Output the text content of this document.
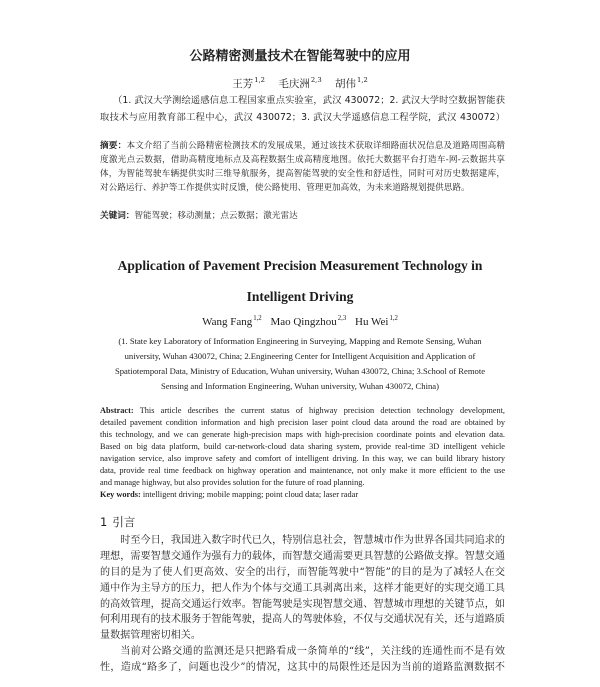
公路精密测量技术在智能驾驶中的应用
王芳$^{1,2}$ 毛庆洲$^{2,3}$ 胡伟$^{1,2}$
（1. 武汉大学测绘遥感信息工程国家重点实验室，武汉 430072；2. 武汉大学时空数据智能获
取技术与应用教育部工程中心，武汉 430072；3. 武汉大学遥感信息工程学院，武汉 430072）
摘要：本文介绍了当前公路精密检测技术的发展成果，通过该技术获取详细路面状况信息及道路周围高精
度激光点云数据，借助高精度地标点及高程数据生成高精度地图。依托大数据平台打造车-网-云数据共享
体，为智能驾驶车辆提供实时三维导航服务，提高智能驾驶的安全性和舒适性，同时可对历史数据建库，
对公路运行、养护等工作提供实时反馈，使公路使用、管理更加高效，为未来道路规划提供思路。
关键词：智能驾驶；移动测量；点云数据；激光雷达
Application of Pavement Precision Measurement Technology in
Intelligent Driving
Wang Fang$^{1,2}$ Mao Qingzhou$^{2,3}$ Hu Wei$^{1,2}$
(1. State key Laboratory of Information Engineering in Surveying, Mapping and Remote Sensing, Wuhan
university, Wuhan 430072, China; 2.Engineering Center for Intelligent Acquisition and Application of
Spatiotemporal Data, Ministry of Education, Wuhan university, Wuhan 430072, China; 3.School of Remote
Sensing and Information Engineering, Wuhan university, Wuhan 430072, China)
Abstract: This article describes the current status of highway precision detection technology development,
detailed pavement condition information and high precision laser point cloud data around the road are obtained by
this technology, and we can generate high-precision maps with high-precision coordinate points and elevation data.
Based on big data platform, build car-network-cloud data sharing system, provide real-time 3D intelligent vehicle
navigation service, also improve safety and comfort of intelligent driving. In this way, we can build library history
data, provide real time feedback on highway operation and maintenance, not only make it more efficient to the use
and manage highway, but also provides solution for the future of road planning.
Key words: intelligent driving; mobile mapping; point cloud data; laser radar
1 引言
时至今日，我国进入数字时代已久，特别信息社会，智慧城市作为世界各国共同追求的
理想，需要智慧交通作为强有力的载体，而智慧交通需要更具智慧的公路做支撑。智慧交通
的目的是为了使人们更高效、安全的出行，而智能驾驶中“智能”的目的是为了减轻人在交
通中作为主导方的压力，把人作为个体与交通工具剥离出来，这样才能更好的实现交通工具
的高效管理，提高交通运行效率。智能驾驶是实现智慧交通、智慧城市理想的关键节点，如
何利用现有的技术服务于智能驾驶，提高人的驾驶体验，不仅与交通状况有关，还与道路质
量数据管理密切相关。
当前对公路交通的监测还是只把路看成一条简单的“线”，关注线的连通性而不是有效
性，造成“路多了，问题也没少”的情况，这其中的局限性还是因为当前的道路监测数据不
